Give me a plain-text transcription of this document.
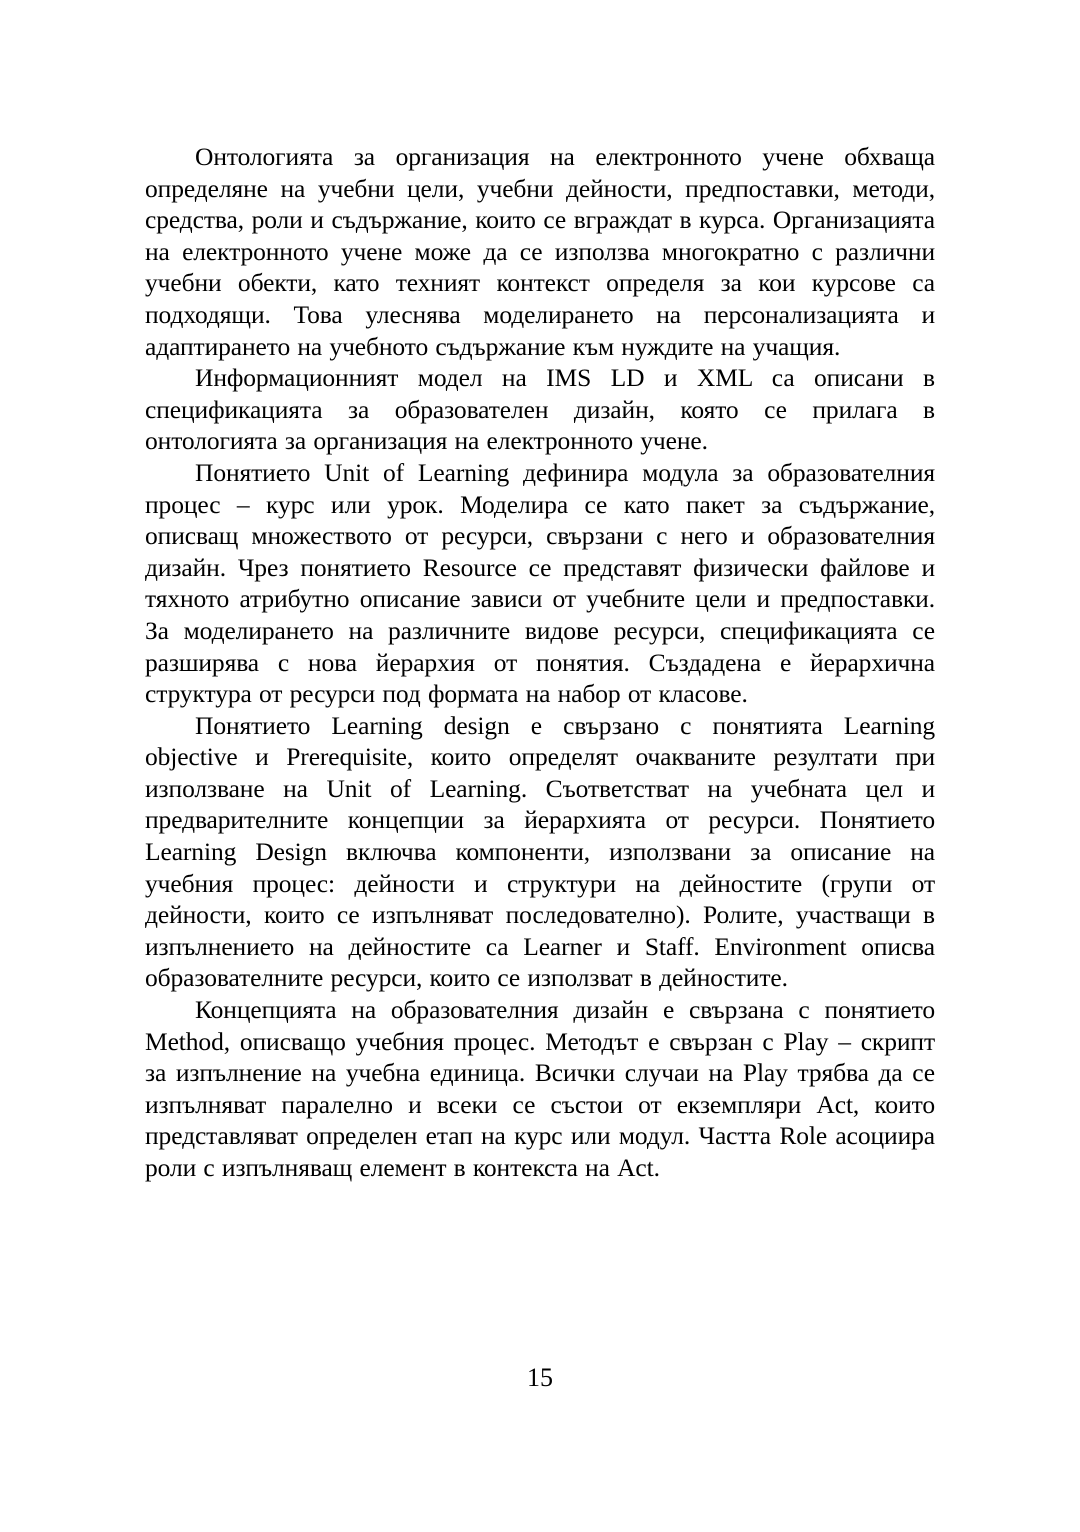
Онтологията за организация на електронното учене обхваща определяне на учебни цели, учебни дейности, предпоставки, методи, средства, роли и съдържание, които се вграждат в курса. Организацията на електронното учене може да се използва многократно с различни учебни обекти, като техният контекст определя за кои курсове са подходящи. Това улеснява моделирането на персонализацията и адаптирането на учебното съдържание към нуждите на учащия.

Информационният модел на IMS LD и XML са описани в спецификацията за образователен дизайн, която се прилага в онтологията за организация на електронното учене.

Понятието Unit of Learning дефинира модула за образователния процес – курс или урок. Моделира се като пакет за съдържание, описващ множеството от ресурси, свързани с него и образователния дизайн. Чрез понятието Resource се представят физически файлове и тяхното атрибутно описание зависи от учебните цели и предпоставки. За моделирането на различните видове ресурси, спецификацията се разширява с нова йерархия от понятия. Създадена е йерархична структура от ресурси под формата на набор от класове.

Понятието Learning design е свързано с понятията Learning objective и Prerequisite, които определят очакваните резултати при използване на Unit of Learning. Съответстват на учебната цел и предварителните концепции за йерархията от ресурси. Понятието Learning Design включва компоненти, използвани за описание на учебния процес: дейности и структури на дейностите (групи от дейности, които се изпълняват последователно). Ролите, участващи в изпълнението на дейностите са Learner и Staff. Environment описва образователните ресурси, които се използват в дейностите.

Концепцията на образователния дизайн е свързана с понятието Method, описващо учебния процес. Методът е свързан с Play – скрипт за изпълнение на учебна единица. Всички случаи на Play трябва да се изпълняват паралелно и всеки се състои от екземпляри Act, които представляват определен етап на курс или модул. Частта Role асоциира роли с изпълняващ елемент в контекста на Act.

15
